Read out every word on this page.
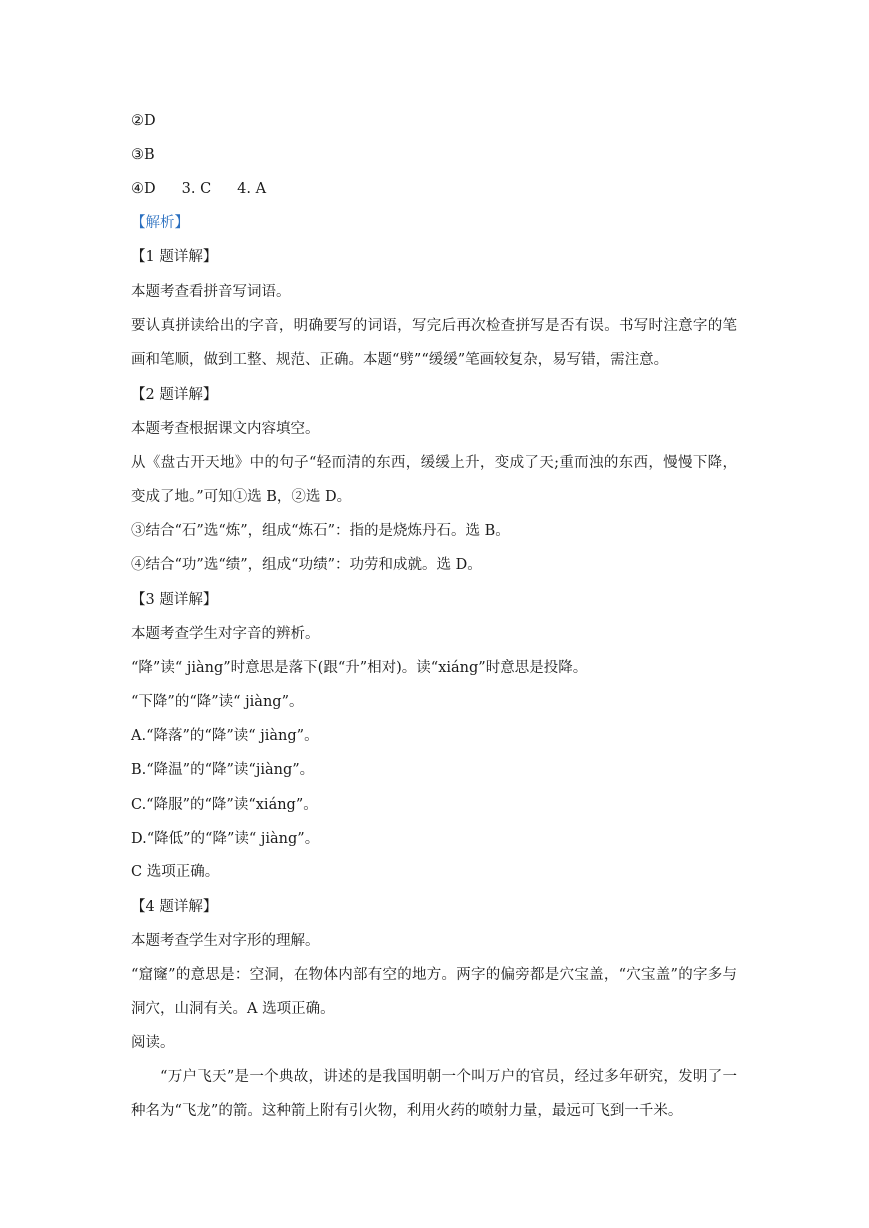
②D
③B
④D 3. C 4. A
【解析】
【1 题详解】
本题考查看拼音写词语。
要认真拼读给出的字音，明确要写的词语，写完后再次检查拼写是否有误。书写时注意字的笔画和笔顺，做到工整、规范、正确。本题“劈”“缓缓”笔画较复杂，易写错，需注意。
【2 题详解】
本题考查根据课文内容填空。
从《盘古开天地》中的句子“轻而清的东西，缓缓上升，变成了天;重而浊的东西，慢慢下降，变成了地。”可知①选 B，②选 D。
③结合“石”选“炼”，组成“炼石”：指的是烧炼丹石。选 B。
④结合“功”选“绩”，组成“功绩”：功劳和成就。选 D。
【3 题详解】
本题考查学生对字音的辨析。
“降”读“ jiàng”时意思是落下(跟“升”相对)。读“xiáng”时意思是投降。
“下降”的“降”读“ jiàng”。
A.“降落”的“降”读“ jiàng”。
B.“降温”的“降”读“jiàng”。
C.“降服”的“降”读“xiáng”。
D.“降低”的“降”读“ jiàng”。
C 选项正确。
【4 题详解】
本题考查学生对字形的理解。
“窟窿”的意思是：空洞，在物体内部有空的地方。两字的偏旁都是穴宝盖，“穴宝盖”的字多与洞穴，山洞有关。A 选项正确。
阅读。
“万户飞天”是一个典故，讲述的是我国明朝一个叫万户的官员，经过多年研究，发明了一种名为“飞龙”的箭。这种箭上附有引火物，利用火药的喷射力量，最远可飞到一千米。
